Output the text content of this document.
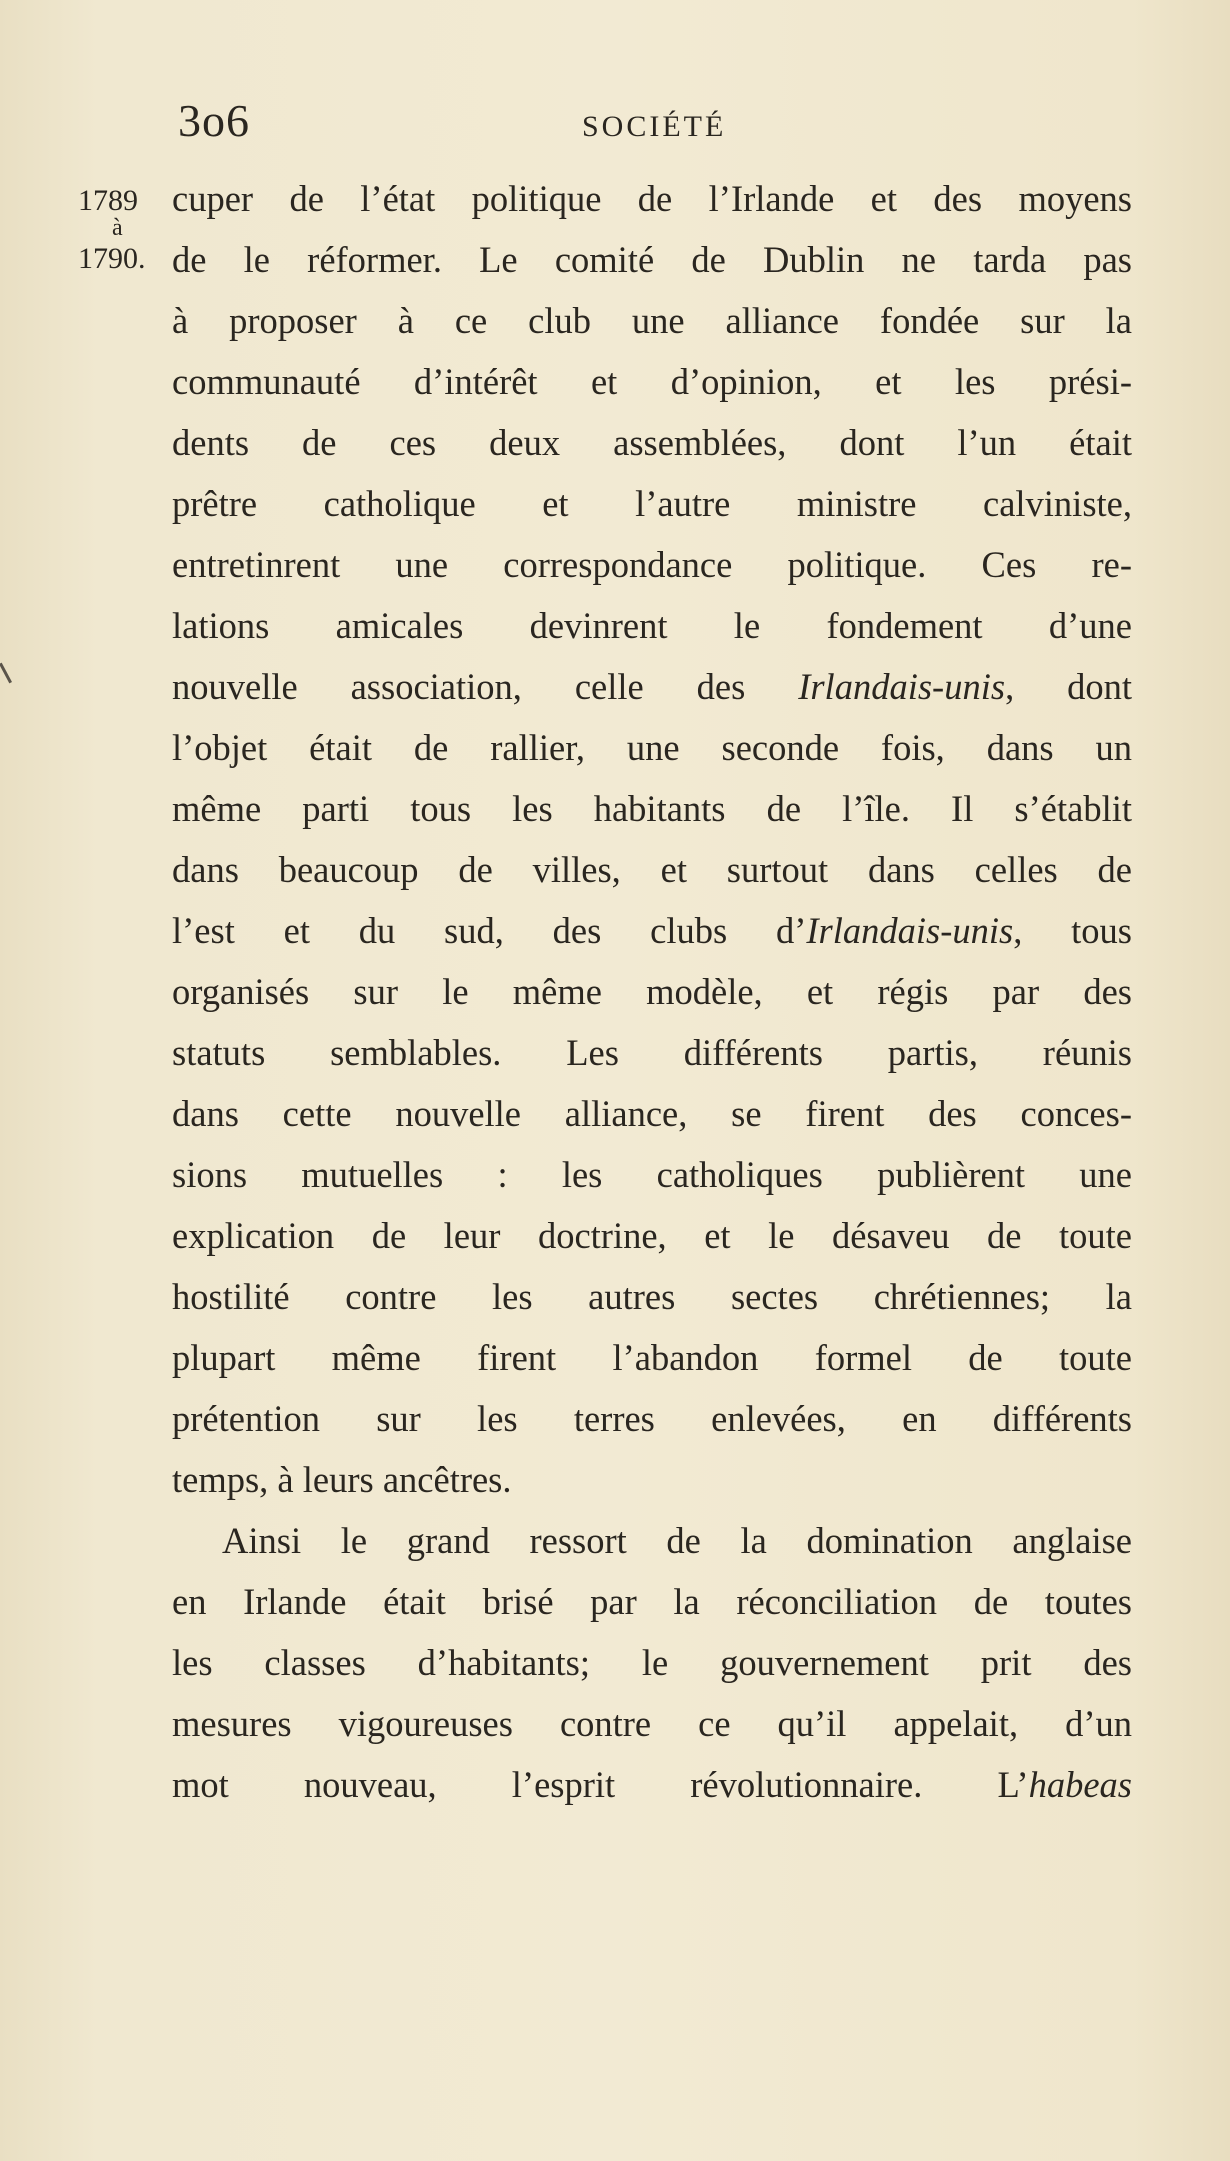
3o6	SOCIÉTÉ
1789
à
1790.
cuper de l’état politique de l’Irlande et des moyens
de le réformer. Le comité de Dublin ne tarda pas
à proposer à ce club une alliance fondée sur la
communauté d’intérêt et d’opinion, et les prési-
dents de ces deux assemblées, dont l’un était
prêtre catholique et l’autre ministre calviniste,
entretinrent une correspondance politique. Ces re-
lations amicales devinrent le fondement d’une
nouvelle association, celle des Irlandais-unis, dont
l’objet était de rallier, une seconde fois, dans un
même parti tous les habitants de l’île. Il s’établit
dans beaucoup de villes, et surtout dans celles de
l’est et du sud, des clubs d’Irlandais-unis, tous
organisés sur le même modèle, et régis par des
statuts semblables. Les différents partis, réunis
dans cette nouvelle alliance, se firent des conces-
sions mutuelles : les catholiques publièrent une
explication de leur doctrine, et le désaveu de toute
hostilité contre les autres sectes chrétiennes; la
plupart même firent l’abandon formel de toute
prétention sur les terres enlevées, en différents
temps, à leurs ancêtres.
Ainsi le grand ressort de la domination anglaise
en Irlande était brisé par la réconciliation de toutes
les classes d’habitants; le gouvernement prit des
mesures vigoureuses contre ce qu’il appelait, d’un
mot nouveau, l’esprit révolutionnaire. L’habeas
